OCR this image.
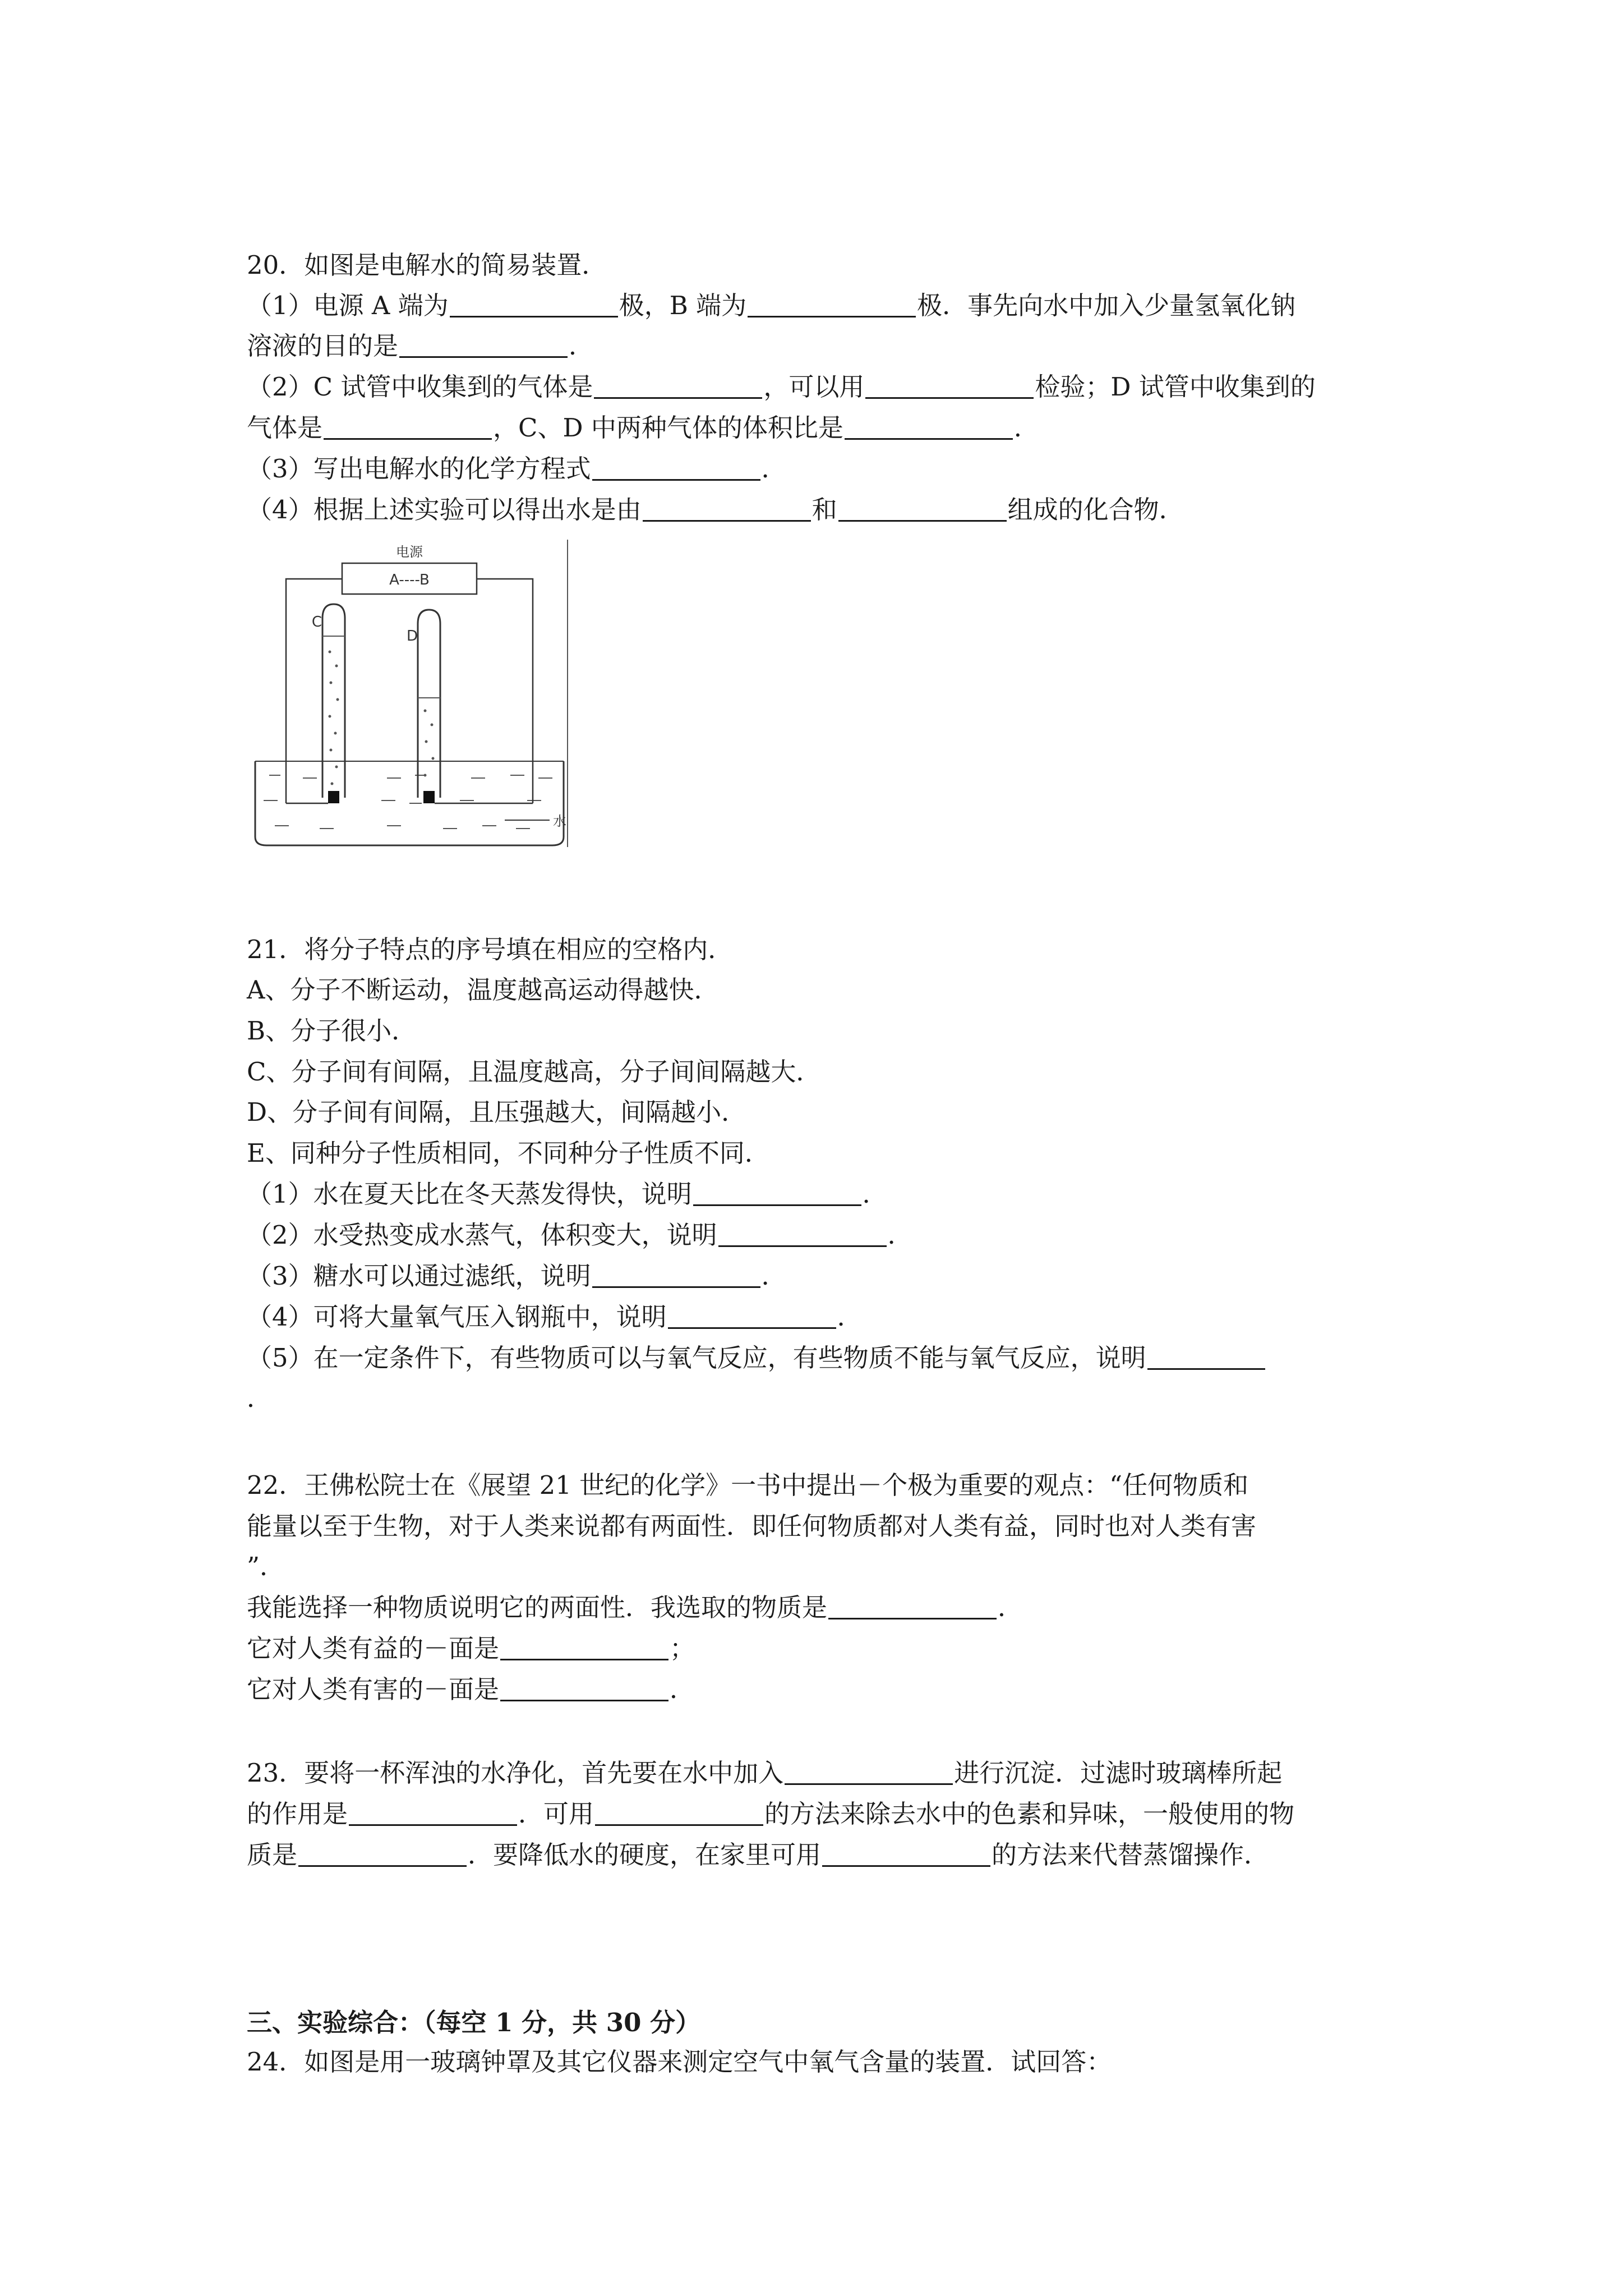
20．如图是电解水的简易装置．
（1）电源 A 端为	极，B 端为	极．事先向水中加入少量氢氧化钠
溶液的目的是	．
（2）C 试管中收集到的气体是	，可以用	检验；D 试管中收集到的
气体是	，C、D 中两种气体的体积比是	．
（3）写出电解水的化学方程式	．
（4）根据上述实验可以得出水是由	和	组成的化合物．
电源
A----B
水
C
D
21．将分子特点的序号填在相应的空格内．
A、分子不断运动，温度越高运动得越快．
B、分子很小．
C、分子间有间隔，且温度越高，分子间间隔越大．
D、分子间有间隔，且压强越大，间隔越小．
E、同种分子性质相同，不同种分子性质不同．
（1）水在夏天比在冬天蒸发得快，说明	．
（2）水受热变成水蒸气，体积变大，说明	．
（3）糖水可以通过滤纸，说明	．
（4）可将大量氧气压入钢瓶中，说明	．
（5）在一定条件下，有些物质可以与氧气反应，有些物质不能与氧气反应，说明
．
22．王佛松院士在《展望 21 世纪的化学》一书中提出－个极为重要的观点：“任何物质和
能量以至于生物，对于人类来说都有两面性．即任何物质都对人类有益，同时也对人类有害
”．
我能选择一种物质说明它的两面性．我选取的物质是	．
它对人类有益的－面是	；
它对人类有害的－面是	．
23．要将一杯浑浊的水净化，首先要在水中加入	进行沉淀．过滤时玻璃棒所起
的作用是	．可用	的方法来除去水中的色素和异味，一般使用的物
质是	．要降低水的硬度，在家里可用	的方法来代替蒸馏操作．
三、实验综合：（每空 1 分，共 30 分）
24．如图是用一玻璃钟罩及其它仪器来测定空气中氧气含量的装置．试回答：
